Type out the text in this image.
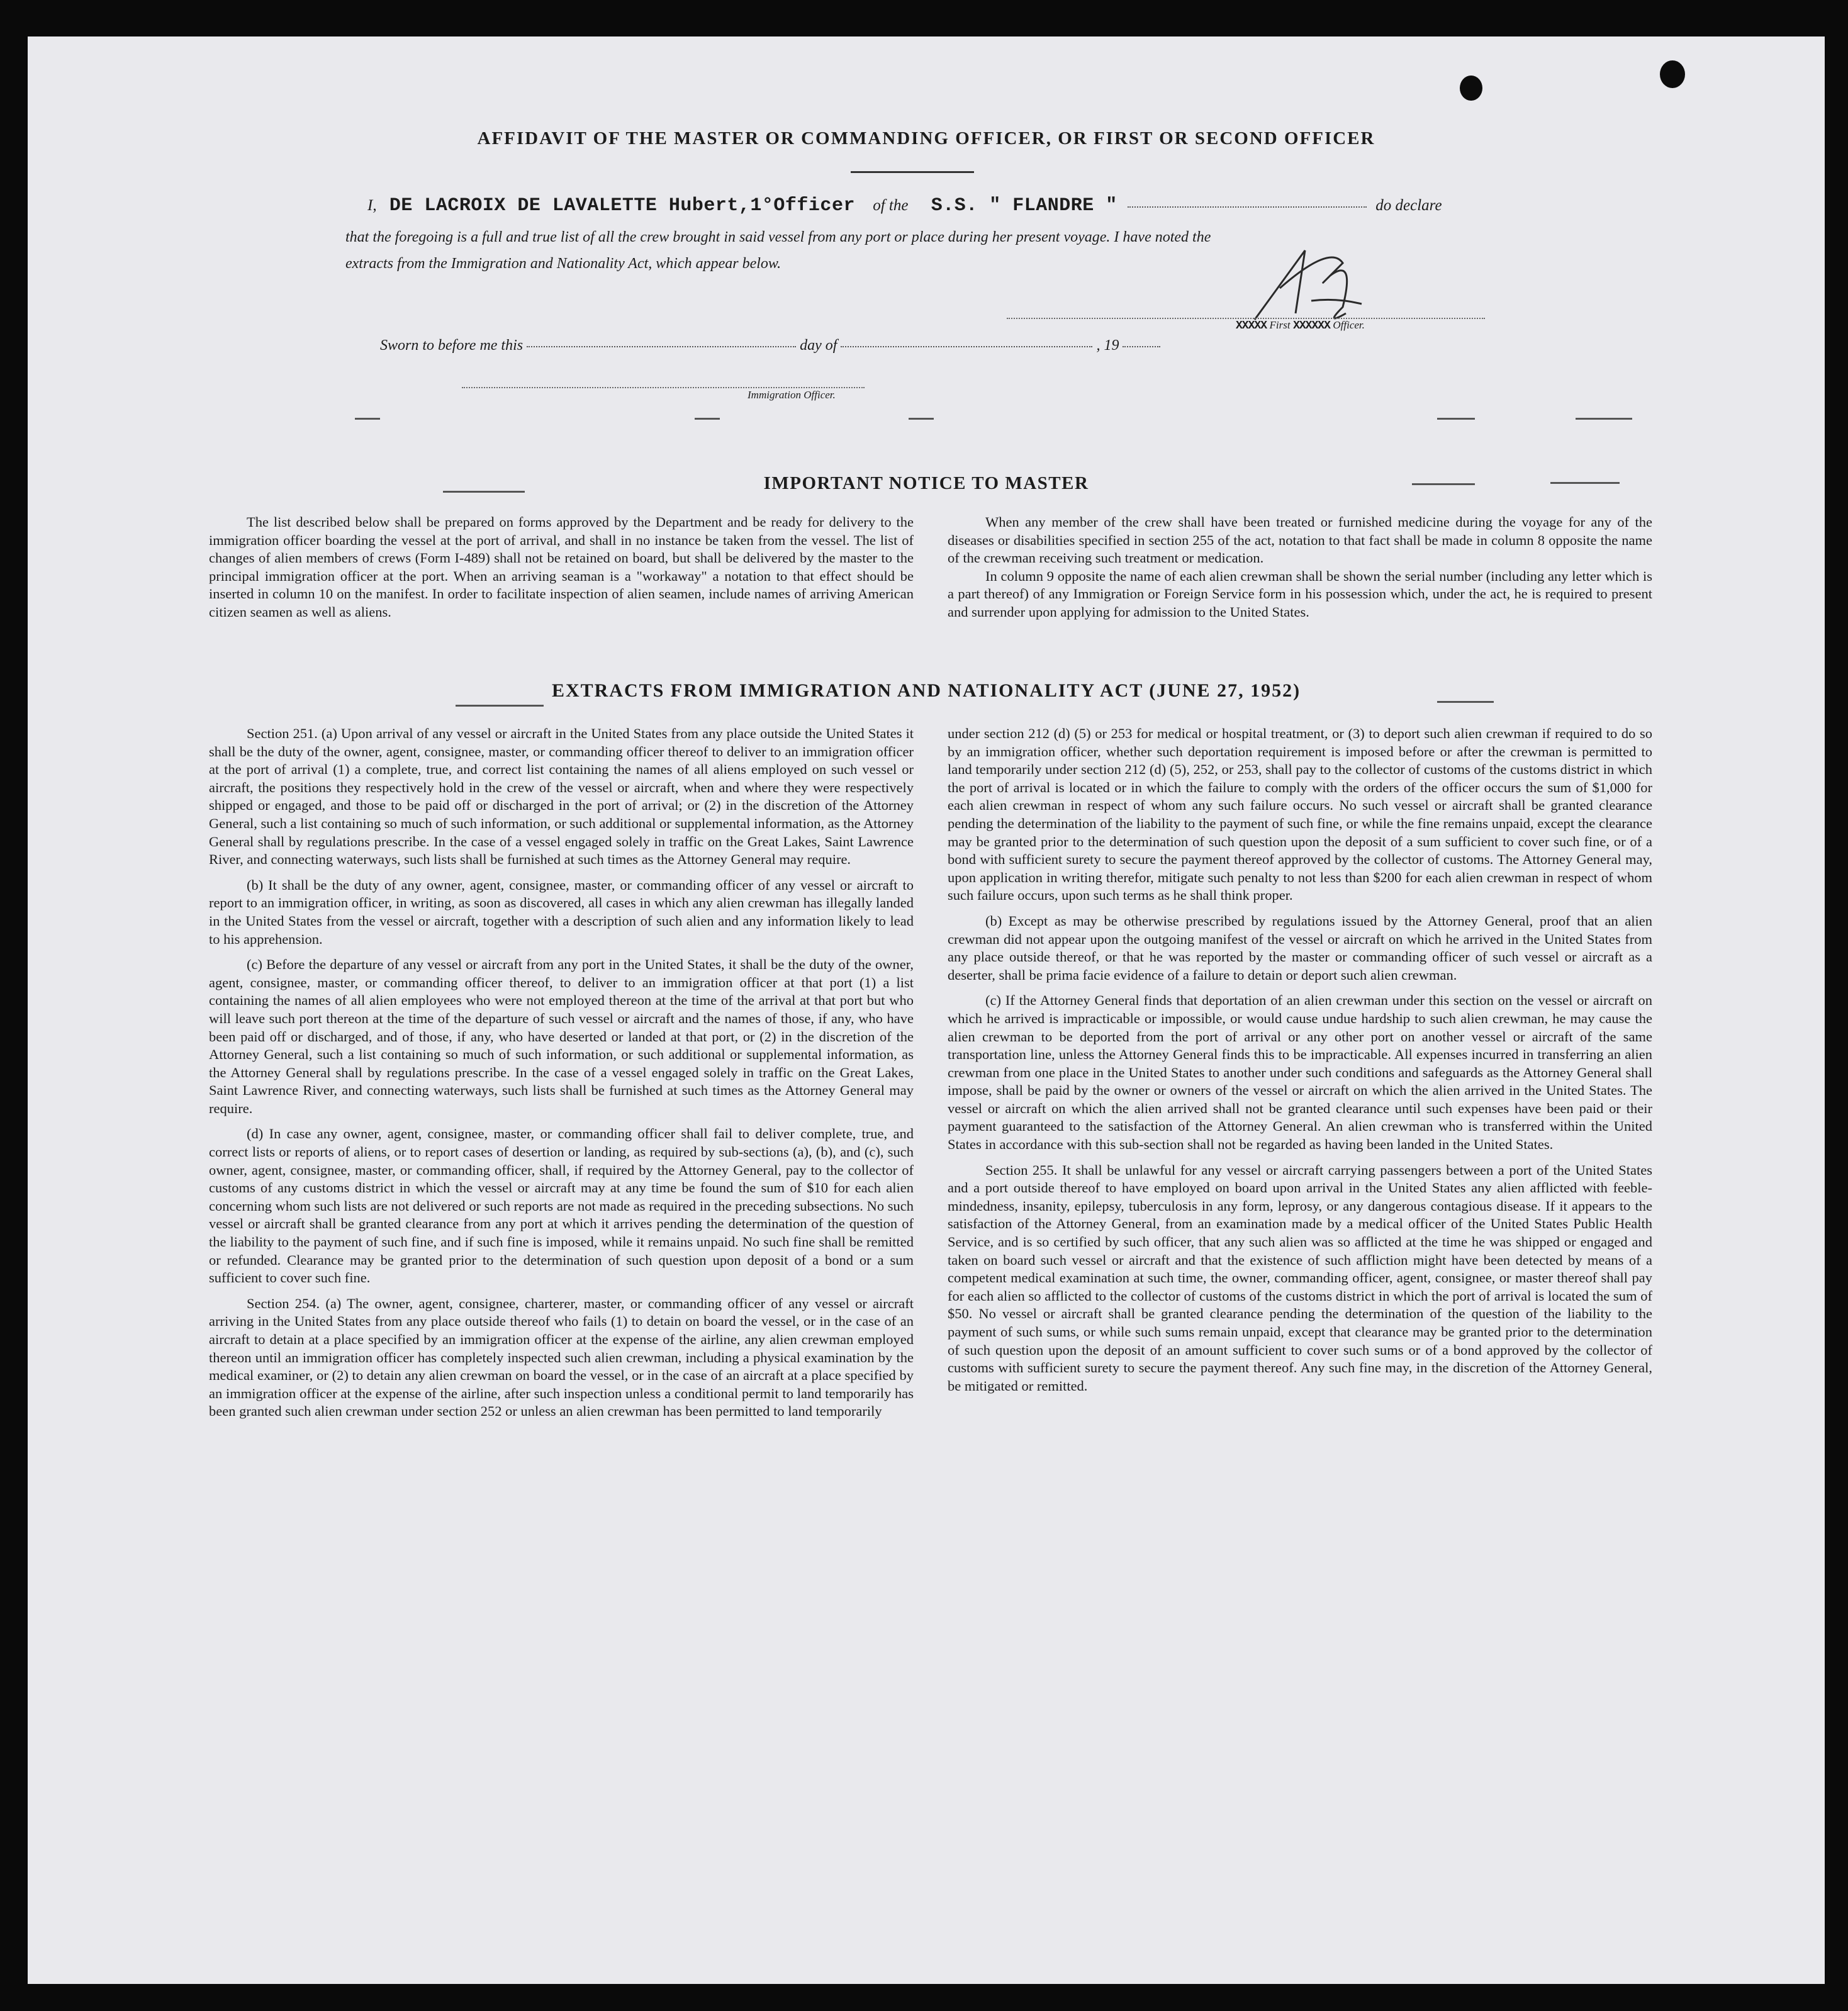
AFFIDAVIT OF THE MASTER OR COMMANDING OFFICER, OR FIRST OR SECOND OFFICER
I, DE LACROIX DE LAVALETTE Hubert,1°Officer of the S.S. " FLANDRE "	do declare
that the foregoing is a full and true list of all the crew brought in said vessel from any port or place during her present voyage. I have noted the
extracts from the Immigration and Nationality Act, which appear below.
XXXXX First XXXXXX Officer.
Sworn to before me this	day of	, 19
Immigration Officer.
IMPORTANT NOTICE TO MASTER

The list described below shall be prepared on forms approved by the Department and be ready for delivery to the immigration officer boarding the vessel at the port of arrival, and shall in no instance be taken from the vessel. The list of changes of alien members of crews (Form I-489) shall not be retained on board, but shall be delivered by the master to the principal immigration officer at the port. When an arriving seaman is a "workaway" a notation to that effect should be inserted in column 10 on the manifest. In order to facilitate inspection of alien seamen, include names of arriving American citizen seamen as well as aliens.

When any member of the crew shall have been treated or furnished medicine during the voyage for any of the diseases or disabilities specified in section 255 of the act, notation to that fact shall be made in column 8 opposite the name of the crewman receiving such treatment or medication.

In column 9 opposite the name of each alien crewman shall be shown the serial number (including any letter which is a part thereof) of any Immigration or Foreign Service form in his possession which, under the act, he is required to present and surrender upon applying for admission to the United States.

EXTRACTS FROM IMMIGRATION AND NATIONALITY ACT (JUNE 27, 1952)

Section 251. (a) Upon arrival of any vessel or aircraft in the United States from any place outside the United States it shall be the duty of the owner, agent, consignee, master, or commanding officer thereof to deliver to an immigration officer at the port of arrival (1) a complete, true, and correct list containing the names of all aliens employed on such vessel or aircraft, the positions they respectively hold in the crew of the vessel or aircraft, when and where they were respectively shipped or engaged, and those to be paid off or discharged in the port of arrival; or (2) in the discretion of the Attorney General, such a list containing so much of such information, or such additional or supplemental information, as the Attorney General shall by regulations prescribe. In the case of a vessel engaged solely in traffic on the Great Lakes, Saint Lawrence River, and connecting waterways, such lists shall be furnished at such times as the Attorney General may require.

(b) It shall be the duty of any owner, agent, consignee, master, or commanding officer of any vessel or aircraft to report to an immigration officer, in writing, as soon as discovered, all cases in which any alien crewman has illegally landed in the United States from the vessel or aircraft, together with a description of such alien and any information likely to lead to his apprehension.

(c) Before the departure of any vessel or aircraft from any port in the United States, it shall be the duty of the owner, agent, consignee, master, or commanding officer thereof, to deliver to an immigration officer at that port (1) a list containing the names of all alien employees who were not employed thereon at the time of the arrival at that port but who will leave such port thereon at the time of the departure of such vessel or aircraft and the names of those, if any, who have been paid off or discharged, and of those, if any, who have deserted or landed at that port, or (2) in the discretion of the Attorney General, such a list containing so much of such information, or such additional or supplemental information, as the Attorney General shall by regulations prescribe. In the case of a vessel engaged solely in traffic on the Great Lakes, Saint Lawrence River, and connecting waterways, such lists shall be furnished at such times as the Attorney General may require.

(d) In case any owner, agent, consignee, master, or commanding officer shall fail to deliver complete, true, and correct lists or reports of aliens, or to report cases of desertion or landing, as required by sub-sections (a), (b), and (c), such owner, agent, consignee, master, or commanding officer, shall, if required by the Attorney General, pay to the collector of customs of any customs district in which the vessel or aircraft may at any time be found the sum of $10 for each alien concerning whom such lists are not delivered or such reports are not made as required in the preceding subsections. No such vessel or aircraft shall be granted clearance from any port at which it arrives pending the determination of the question of the liability to the payment of such fine, and if such fine is imposed, while it remains unpaid. No such fine shall be remitted or refunded. Clearance may be granted prior to the determination of such question upon deposit of a bond or a sum sufficient to cover such fine.

Section 254. (a) The owner, agent, consignee, charterer, master, or commanding officer of any vessel or aircraft arriving in the United States from any place outside thereof who fails (1) to detain on board the vessel, or in the case of an aircraft to detain at a place specified by an immigration officer at the expense of the airline, any alien crewman employed thereon until an immigration officer has completely inspected such alien crewman, including a physical examination by the medical examiner, or (2) to detain any alien crewman on board the vessel, or in the case of an aircraft at a place specified by an immigration officer at the expense of the airline, after such inspection unless a conditional permit to land temporarily has been granted such alien crewman under section 252 or unless an alien crewman has been permitted to land temporarily

under section 212 (d) (5) or 253 for medical or hospital treatment, or (3) to deport such alien crewman if required to do so by an immigration officer, whether such deportation requirement is imposed before or after the crewman is permitted to land temporarily under section 212 (d) (5), 252, or 253, shall pay to the collector of customs of the customs district in which the port of arrival is located or in which the failure to comply with the orders of the officer occurs the sum of $1,000 for each alien crewman in respect of whom any such failure occurs. No such vessel or aircraft shall be granted clearance pending the determination of the liability to the payment of such fine, or while the fine remains unpaid, except the clearance may be granted prior to the determination of such question upon the deposit of a sum sufficient to cover such fine, or of a bond with sufficient surety to secure the payment thereof approved by the collector of customs. The Attorney General may, upon application in writing therefor, mitigate such penalty to not less than $200 for each alien crewman in respect of whom such failure occurs, upon such terms as he shall think proper.

(b) Except as may be otherwise prescribed by regulations issued by the Attorney General, proof that an alien crewman did not appear upon the outgoing manifest of the vessel or aircraft on which he arrived in the United States from any place outside thereof, or that he was reported by the master or commanding officer of such vessel or aircraft as a deserter, shall be prima facie evidence of a failure to detain or deport such alien crewman.

(c) If the Attorney General finds that deportation of an alien crewman under this section on the vessel or aircraft on which he arrived is impracticable or impossible, or would cause undue hardship to such alien crewman, he may cause the alien crewman to be deported from the port of arrival or any other port on another vessel or aircraft of the same transportation line, unless the Attorney General finds this to be impracticable. All expenses incurred in transferring an alien crewman from one place in the United States to another under such conditions and safeguards as the Attorney General shall impose, shall be paid by the owner or owners of the vessel or aircraft on which the alien arrived in the United States. The vessel or aircraft on which the alien arrived shall not be granted clearance until such expenses have been paid or their payment guaranteed to the satisfaction of the Attorney General. An alien crewman who is transferred within the United States in accordance with this sub-section shall not be regarded as having been landed in the United States.

Section 255. It shall be unlawful for any vessel or aircraft carrying passengers between a port of the United States and a port outside thereof to have employed on board upon arrival in the United States any alien afflicted with feeble-mindedness, insanity, epilepsy, tuberculosis in any form, leprosy, or any dangerous contagious disease. If it appears to the satisfaction of the Attorney General, from an examination made by a medical officer of the United States Public Health Service, and is so certified by such officer, that any such alien was so afflicted at the time he was shipped or engaged and taken on board such vessel or aircraft and that the existence of such affliction might have been detected by means of a competent medical examination at such time, the owner, commanding officer, agent, consignee, or master thereof shall pay for each alien so afflicted to the collector of customs of the customs district in which the port of arrival is located the sum of $50. No vessel or aircraft shall be granted clearance pending the determination of the question of the liability to the payment of such sums, or while such sums remain unpaid, except that clearance may be granted prior to the determination of such question upon the deposit of an amount sufficient to cover such sums or of a bond approved by the collector of customs with sufficient surety to secure the payment thereof. Any such fine may, in the discretion of the Attorney General, be mitigated or remitted.
